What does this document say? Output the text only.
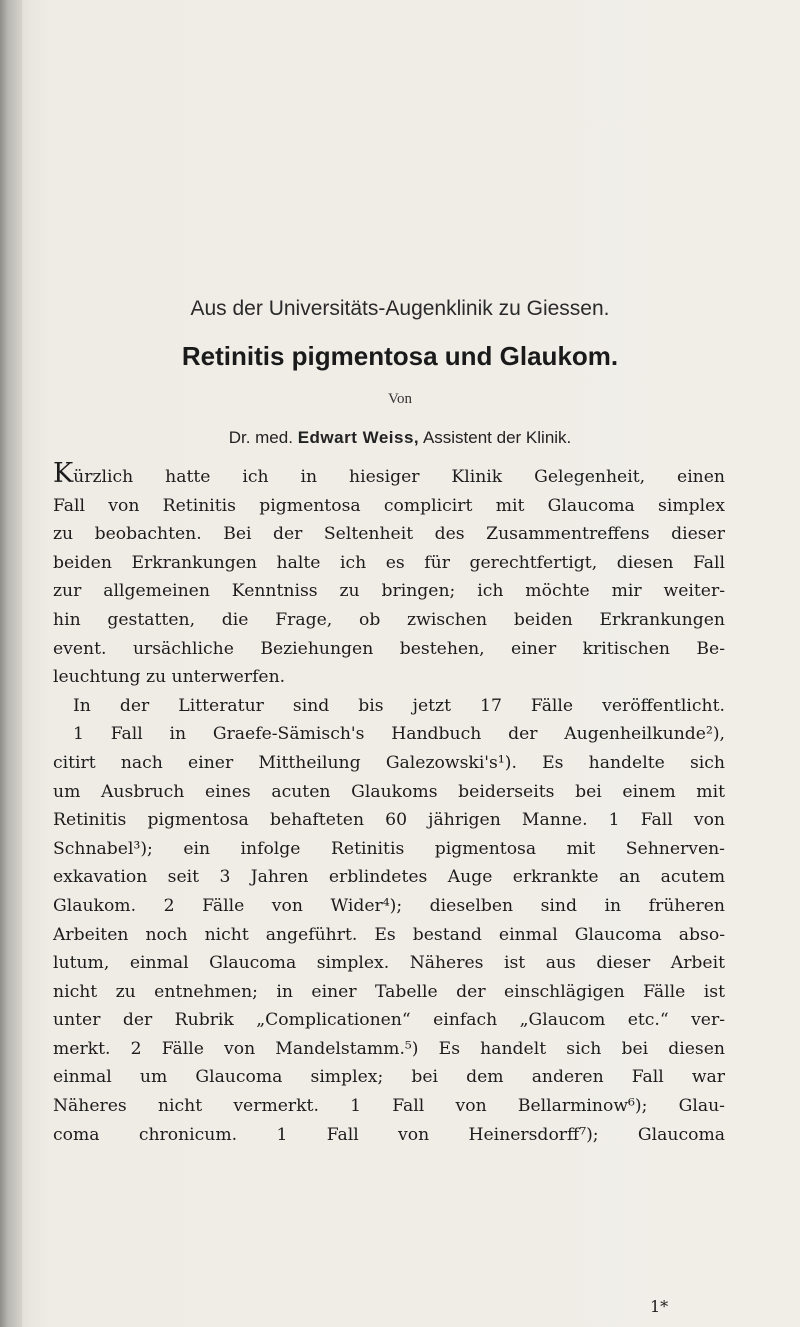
Aus der Universitäts-Augenklinik zu Giessen.
Retinitis pigmentosa und Glaukom.
Von
Dr. med. Edwart Weiss, Assistent der Klinik.
Kürzlich hatte ich in hiesiger Klinik Gelegenheit, einen
Fall von Retinitis pigmentosa complicirt mit Glaucoma simplex
zu beobachten. Bei der Seltenheit des Zusammentreffens dieser
beiden Erkrankungen halte ich es für gerechtfertigt, diesen Fall
zur allgemeinen Kenntniss zu bringen; ich möchte mir weiter-
hin gestatten, die Frage, ob zwischen beiden Erkrankungen
event. ursächliche Beziehungen bestehen, einer kritischen Be-
leuchtung zu unterwerfen.
In der Litteratur sind bis jetzt 17 Fälle veröffentlicht.
1 Fall in Graefe-Sämisch's Handbuch der Augenheilkunde²),
citirt nach einer Mittheilung Galezowski's¹). Es handelte sich
um Ausbruch eines acuten Glaukoms beiderseits bei einem mit
Retinitis pigmentosa behafteten 60 jährigen Manne. 1 Fall von
Schnabel³); ein infolge Retinitis pigmentosa mit Sehnerven-
exkavation seit 3 Jahren erblindetes Auge erkrankte an acutem
Glaukom. 2 Fälle von Wider⁴); dieselben sind in früheren
Arbeiten noch nicht angeführt. Es bestand einmal Glaucoma abso-
lutum, einmal Glaucoma simplex. Näheres ist aus dieser Arbeit
nicht zu entnehmen; in einer Tabelle der einschlägigen Fälle ist
unter der Rubrik „Complicationen“ einfach „Glaucom etc.“ ver-
merkt. 2 Fälle von Mandelstamm.⁵) Es handelt sich bei diesen
einmal um Glaucoma simplex; bei dem anderen Fall war
Näheres nicht vermerkt. 1 Fall von Bellarminow⁶); Glau-
coma chronicum. 1 Fall von Heinersdorff⁷); Glaucoma
1*
